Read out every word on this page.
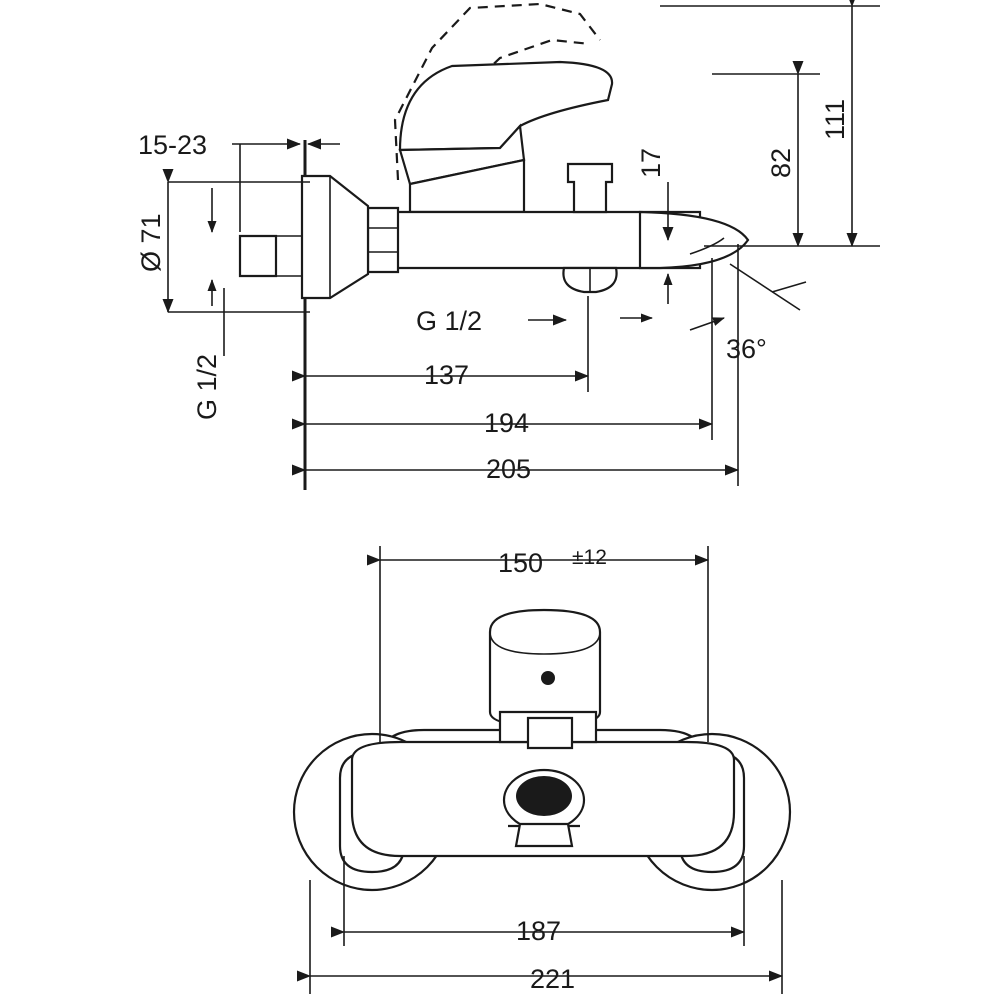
15-23
Ø 71
G 1/2
G 1/2
17	82
111
36°
137
194
205
150 ±12
187
221
